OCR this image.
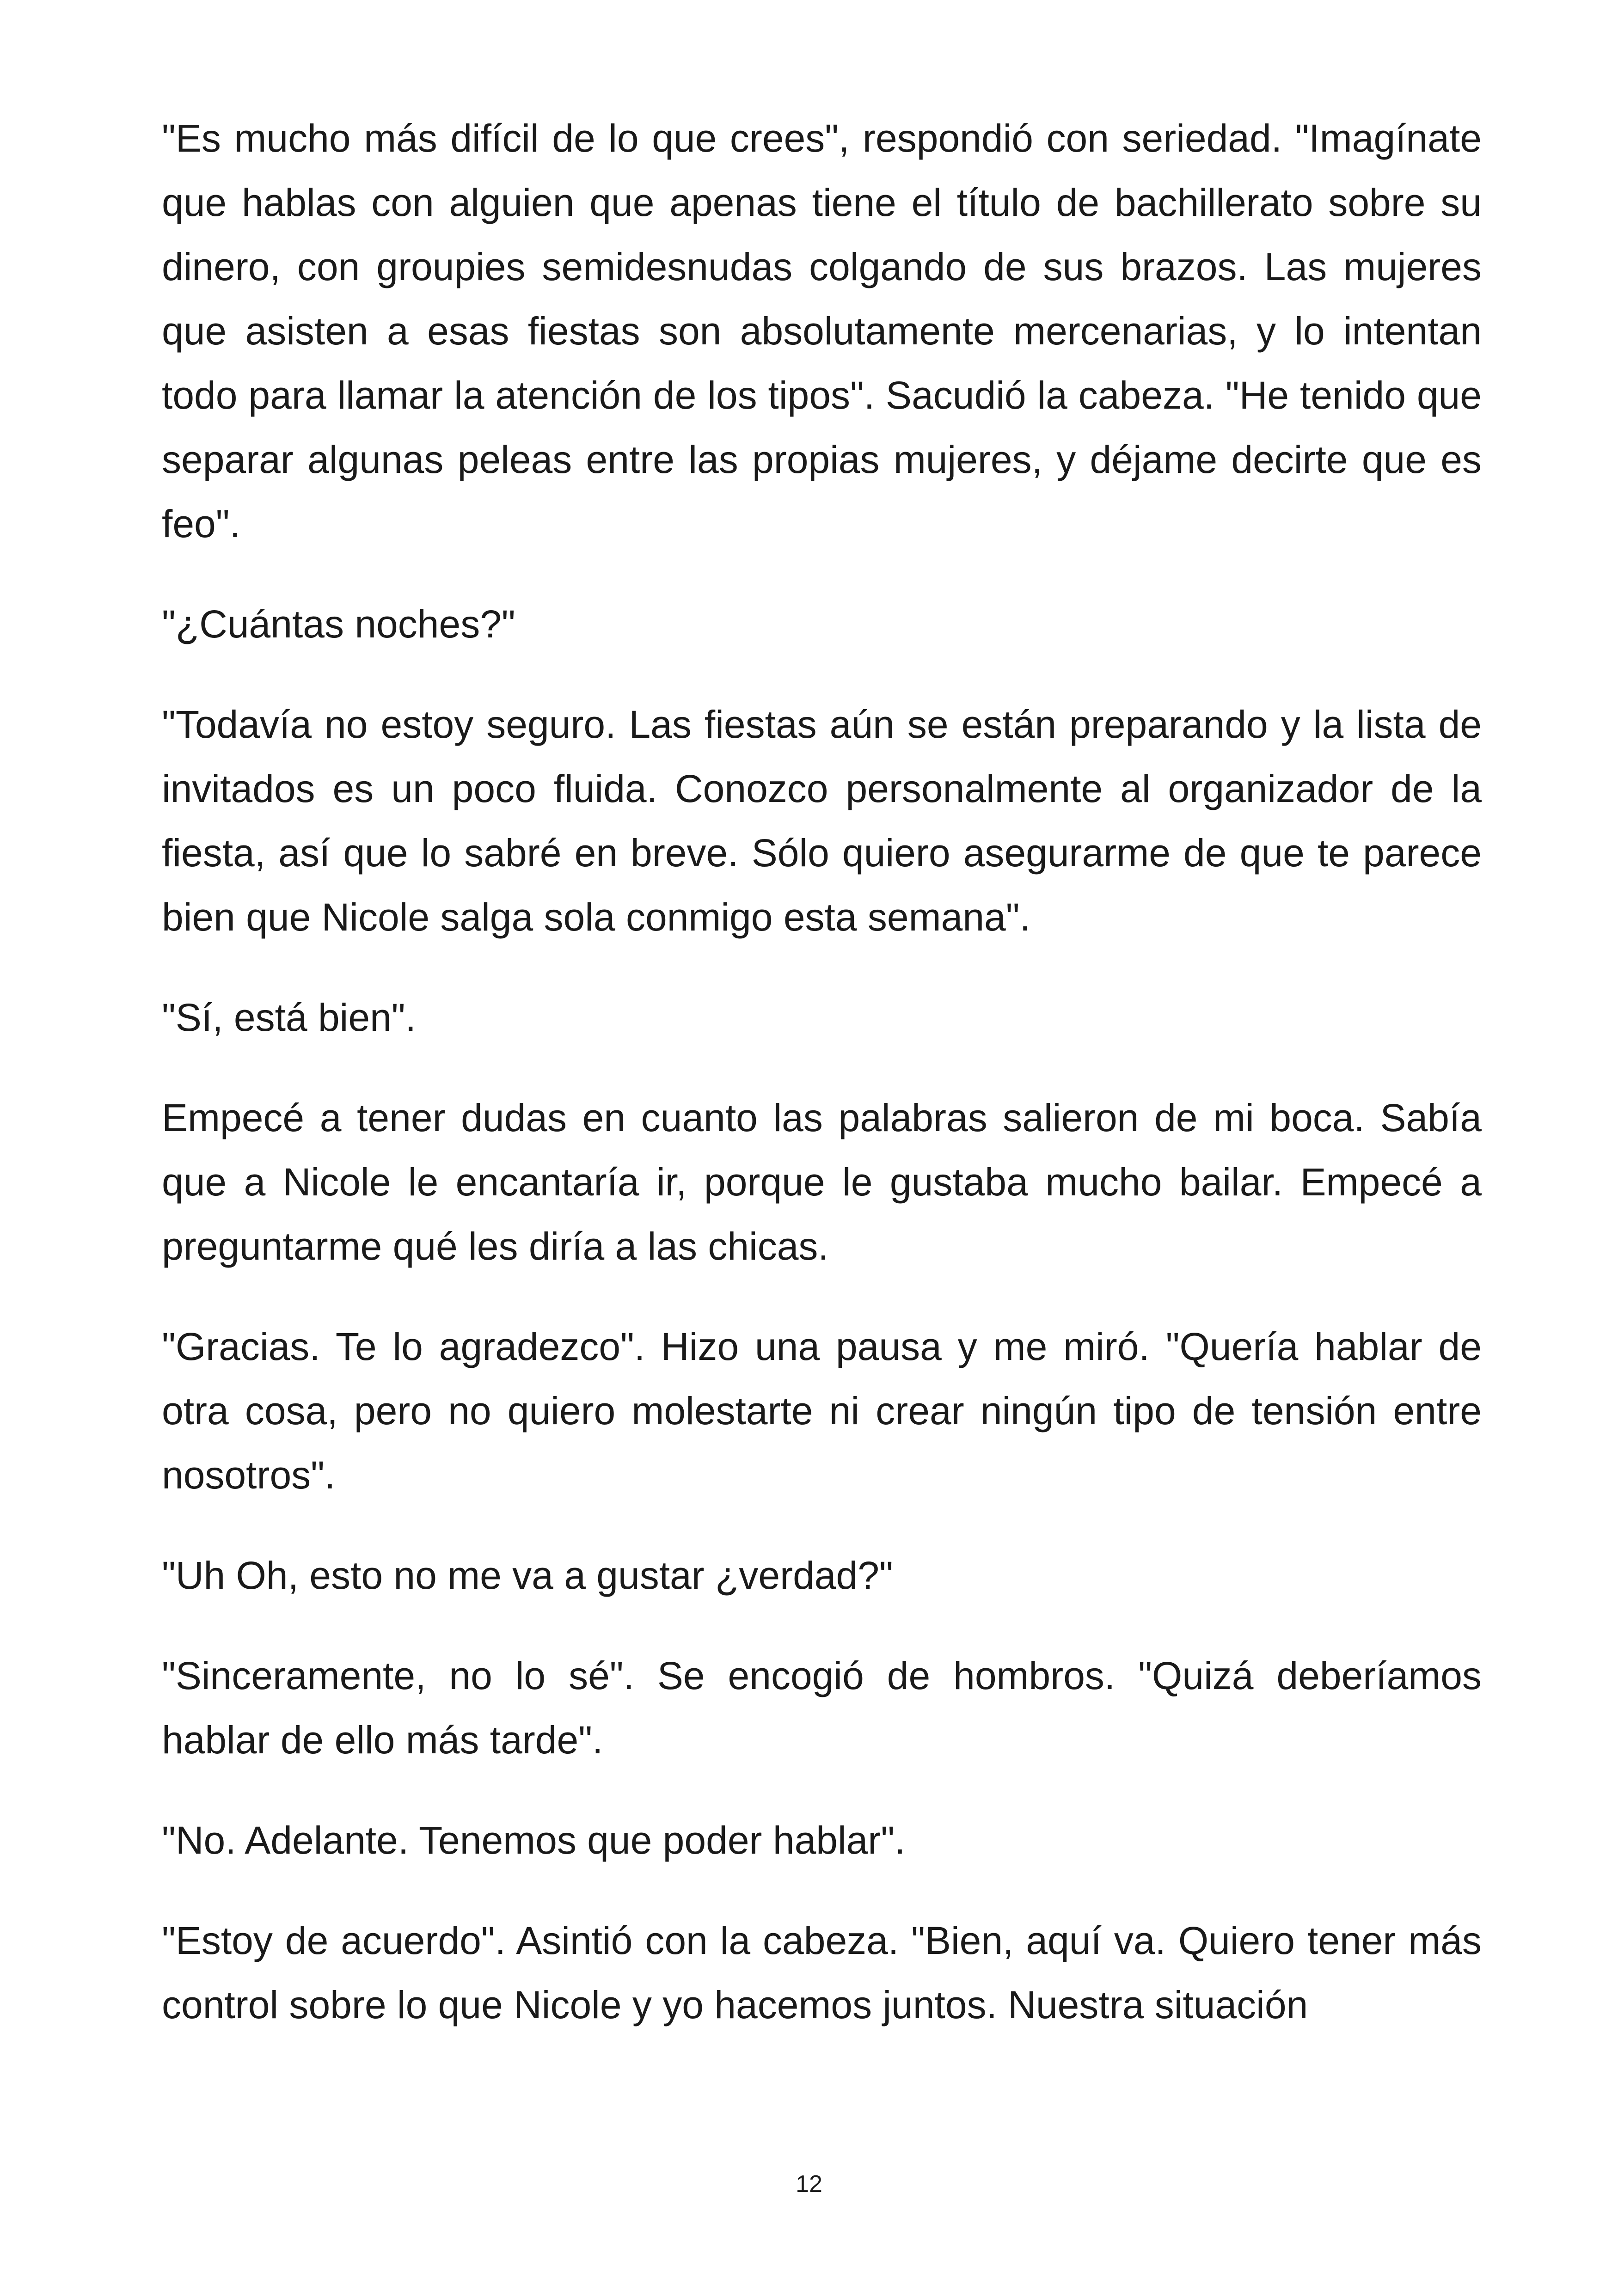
"Es mucho más difícil de lo que crees", respondió con seriedad. "Imagínate que hablas con alguien que apenas tiene el título de bachillerato sobre su dinero, con groupies semidesnudas colgando de sus brazos. Las mujeres que asisten a esas fiestas son absolutamente mercenarias, y lo intentan todo para llamar la atención de los tipos". Sacudió la cabeza. "He tenido que separar algunas peleas entre las propias mujeres, y déjame decirte que es feo".

"¿Cuántas noches?"

"Todavía no estoy seguro. Las fiestas aún se están preparando y la lista de invitados es un poco fluida. Conozco personalmente al organizador de la fiesta, así que lo sabré en breve. Sólo quiero asegurarme de que te parece bien que Nicole salga sola conmigo esta semana".

"Sí, está bien".

Empecé a tener dudas en cuanto las palabras salieron de mi boca. Sabía que a Nicole le encantaría ir, porque le gustaba mucho bailar. Empecé a preguntarme qué les diría a las chicas.

"Gracias. Te lo agradezco". Hizo una pausa y me miró. "Quería hablar de otra cosa, pero no quiero molestarte ni crear ningún tipo de tensión entre nosotros".

"Uh Oh, esto no me va a gustar ¿verdad?"

"Sinceramente, no lo sé". Se encogió de hombros. "Quizá deberíamos hablar de ello más tarde".

"No. Adelante. Tenemos que poder hablar".

"Estoy de acuerdo". Asintió con la cabeza. "Bien, aquí va. Quiero tener más control sobre lo que Nicole y yo hacemos juntos. Nuestra situación

12
